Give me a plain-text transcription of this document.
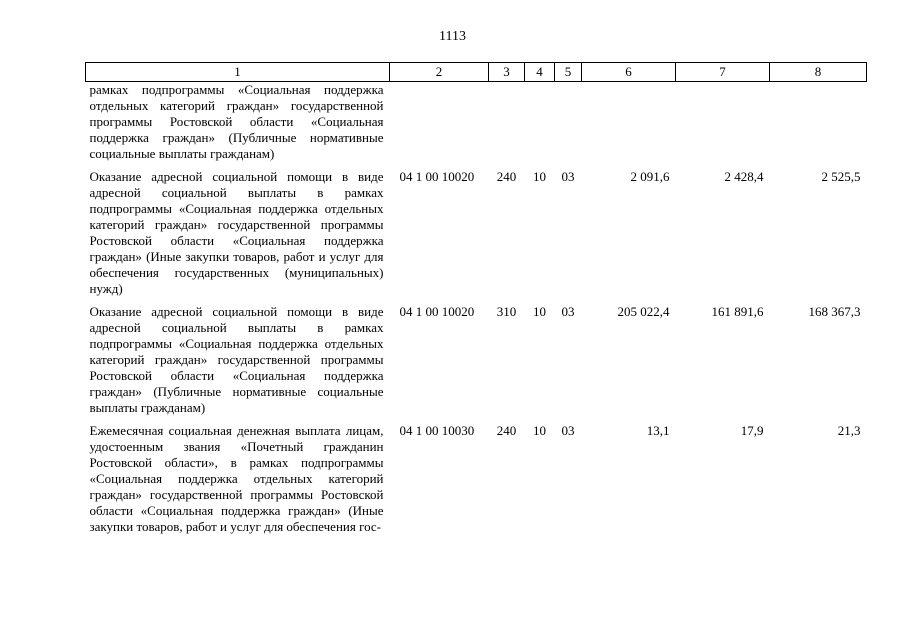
1113
1	2	3	4	5	6	7	8
рамках подпрограммы «Социальная поддержка отдельных категорий граждан» государственной программы Ростовской области «Социальная поддержка граждан» (Публичные нормативные социальные выплаты гражданам)							
Оказание адресной социальной помощи в виде адресной социальной выплаты в рамках подпрограммы «Социальная поддержка отдельных категорий граждан» государственной программы Ростовской области «Социальная поддержка граждан» (Иные закупки товаров, работ и услуг для обеспечения государственных (муниципальных) нужд)	04 1 00 10020	240	10	03	2 091,6	2 428,4	2 525,5
Оказание адресной социальной помощи в виде адресной социальной выплаты в рамках подпрограммы «Социальная поддержка отдельных категорий граждан» государственной программы Ростовской области «Социальная поддержка граждан» (Публичные нормативные социальные выплаты гражданам)	04 1 00 10020	310	10	03	205 022,4	161 891,6	168 367,3
Ежемесячная социальная денежная выплата лицам, удостоенным звания «Почетный гражданин Ростовской области», в рамках подпрограммы «Социальная поддержка отдельных категорий граждан» государственной программы Ростовской области «Социальная поддержка граждан» (Иные закупки товаров, работ и услуг для обеспечения гос-	04 1 00 10030	240	10	03	13,1	17,9	21,3
